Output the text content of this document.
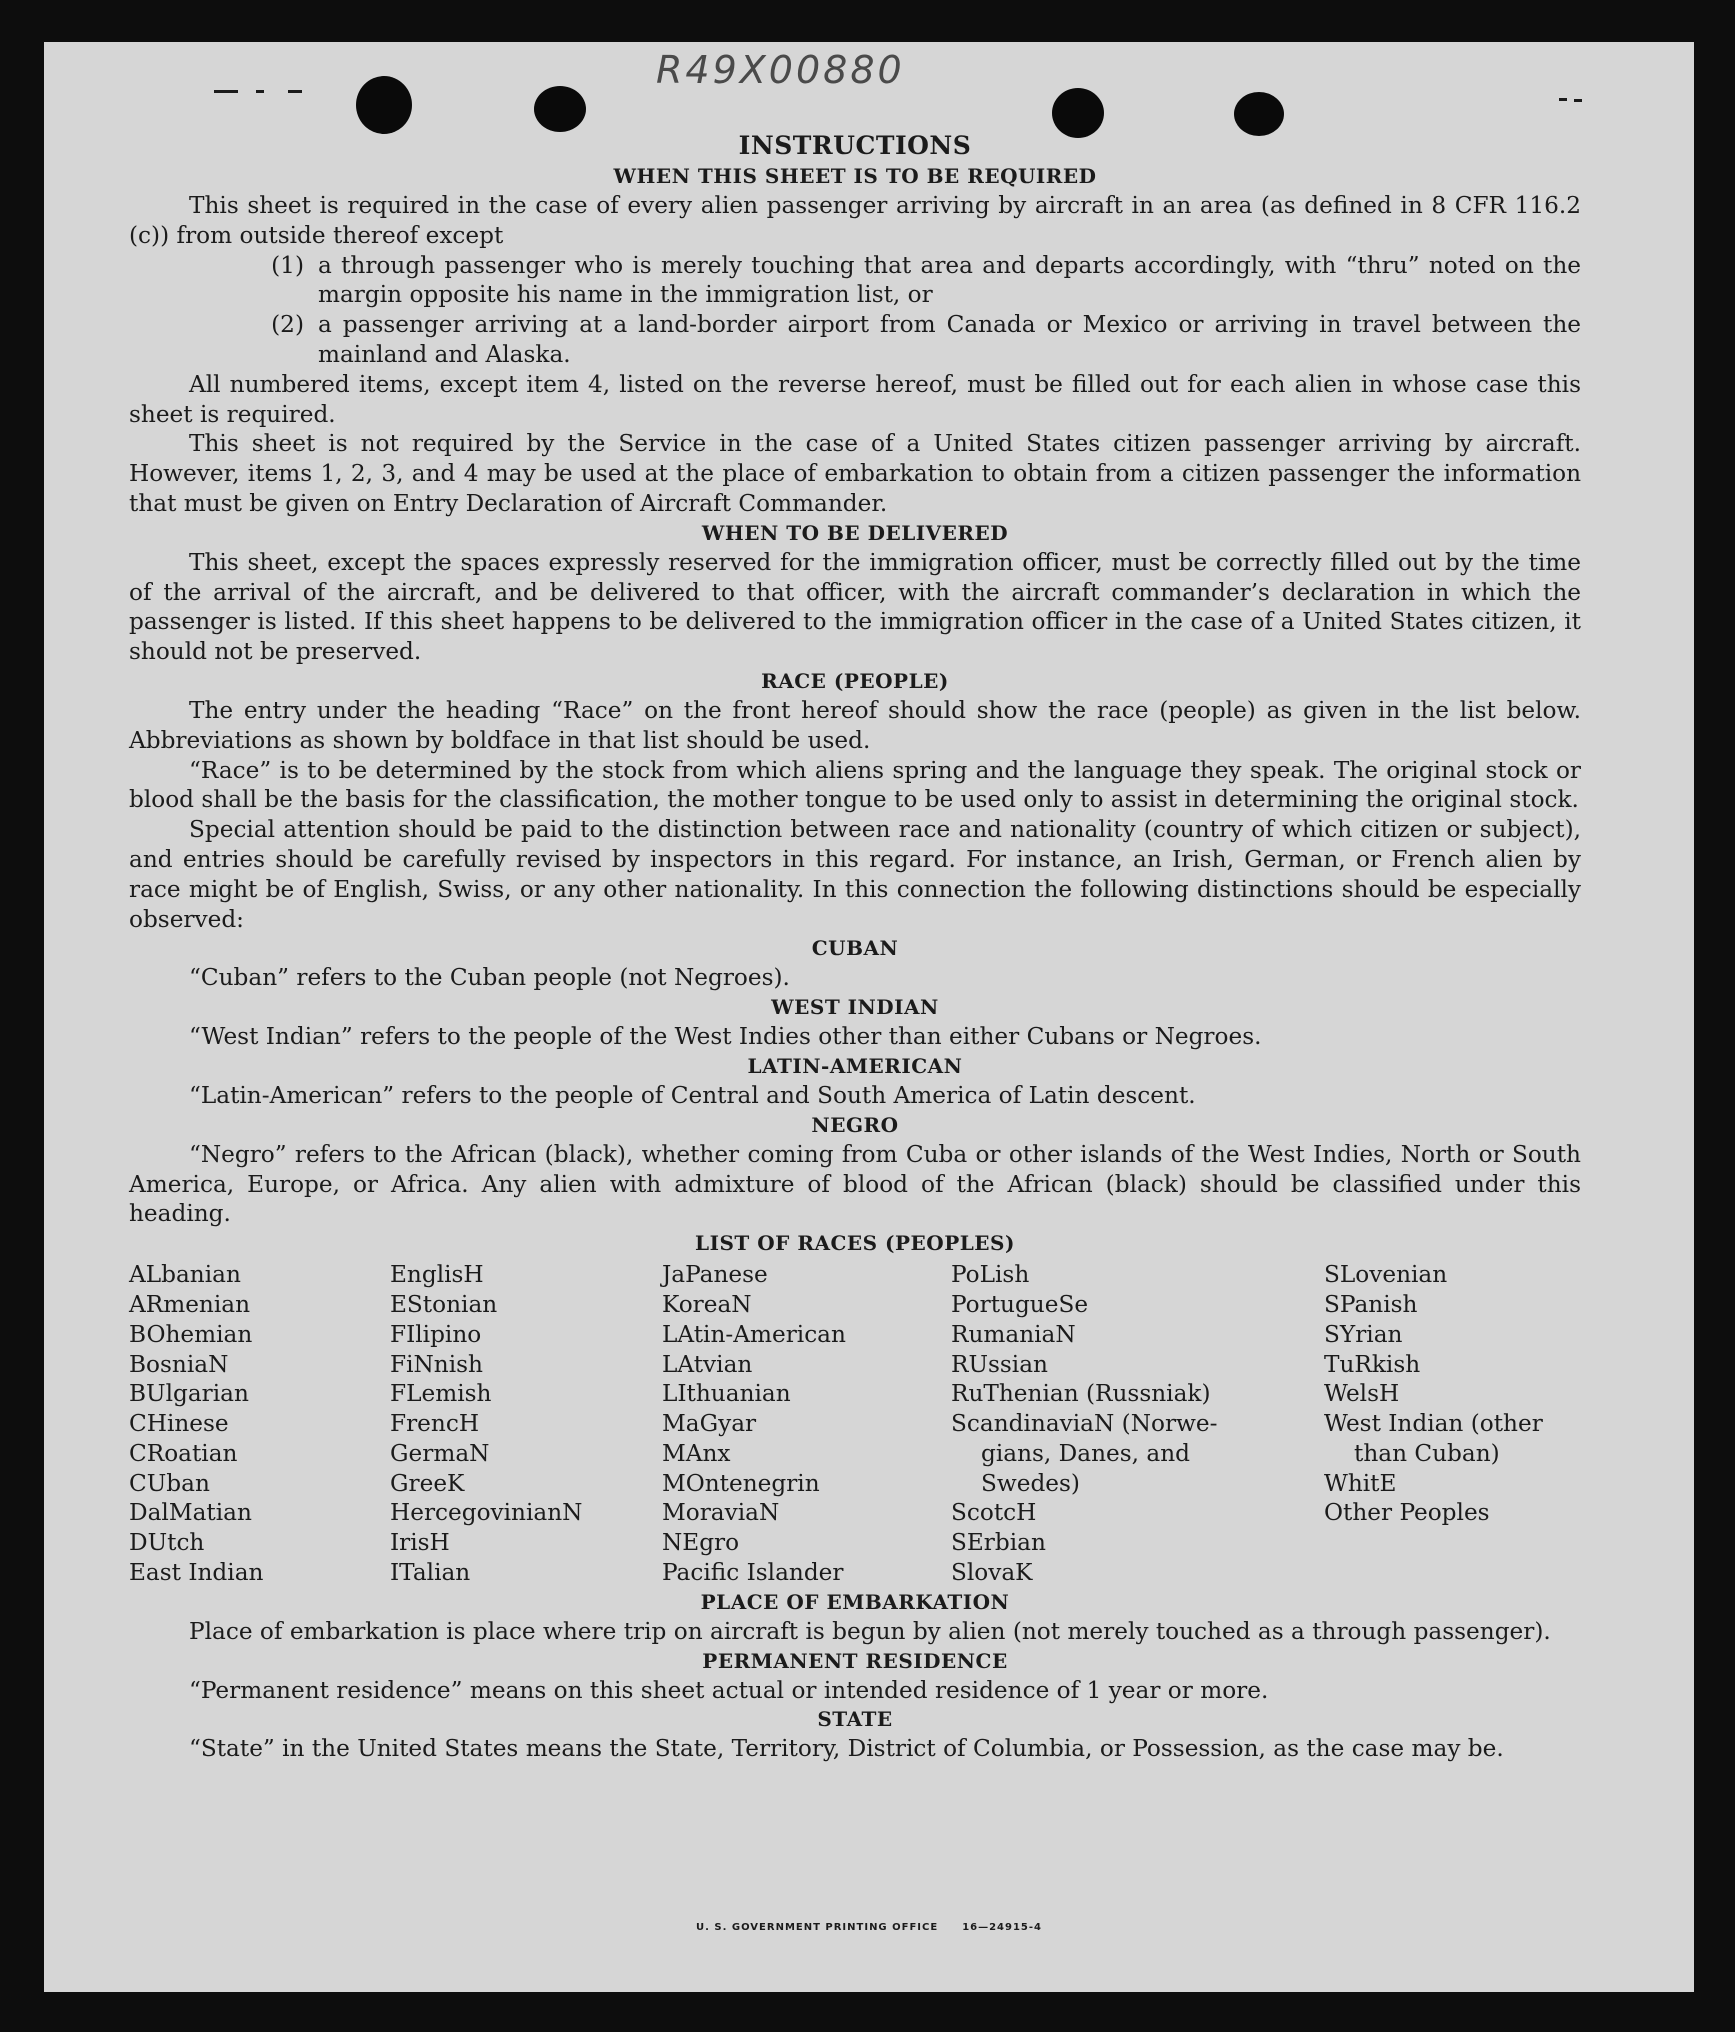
R49X00880
INSTRUCTIONS
WHEN THIS SHEET IS TO BE REQUIRED

This sheet is required in the case of every alien passenger arriving by aircraft in an area (as defined in 8 CFR 116.2 (c)) from outside thereof except

(1) a through passenger who is merely touching that area and departs accordingly, with “thru” noted on the margin opposite his name in the immigration list, or
(2) a passenger arriving at a land-border airport from Canada or Mexico or arriving in travel between the mainland and Alaska.

All numbered items, except item 4, listed on the reverse hereof, must be filled out for each alien in whose case this sheet is required.

This sheet is not required by the Service in the case of a United States citizen passenger arriving by aircraft. However, items 1, 2, 3, and 4 may be used at the place of embarkation to obtain from a citizen passenger the information that must be given on Entry Declaration of Aircraft Commander.

WHEN TO BE DELIVERED

This sheet, except the spaces expressly reserved for the immigration officer, must be correctly filled out by the time of the arrival of the aircraft, and be delivered to that officer, with the aircraft commander’s declaration in which the passenger is listed. If this sheet happens to be delivered to the immigration officer in the case of a United States citizen, it should not be preserved.

RACE (PEOPLE)

The entry under the heading “Race” on the front hereof should show the race (people) as given in the list below. Abbreviations as shown by boldface in that list should be used.

“Race” is to be determined by the stock from which aliens spring and the language they speak. The original stock or blood shall be the basis for the classification, the mother tongue to be used only to assist in determining the original stock.

Special attention should be paid to the distinction between race and nationality (country of which citizen or subject), and entries should be carefully revised by inspectors in this regard. For instance, an Irish, German, or French alien by race might be of English, Swiss, or any other nationality. In this connection the following distinctions should be especially observed:

CUBAN

“Cuban” refers to the Cuban people (not Negroes).

WEST INDIAN

“West Indian” refers to the people of the West Indies other than either Cubans or Negroes.

LATIN-AMERICAN

“Latin-American” refers to the people of Central and South America of Latin descent.

NEGRO

“Negro” refers to the African (black), whether coming from Cuba or other islands of the West Indies, North or South America, Europe, or Africa. Any alien with admixture of blood of the African (black) should be classified under this heading.

LIST OF RACES (PEOPLES)
ALbanian
ARmenian
BOhemian
BosniaN
BUlgarian
CHinese
CRoatian
CUban
DalMatian
DUtch
East Indian
EnglisH
EStonian
FIlipino
FiNnish
FLemish
FrencH
GermaN
GreeK
HercegovinianN
IrisH
ITalian
JaPanese
KoreaN
LAtin-American
LAtvian
LIthuanian
MaGyar
MAnx
MOntenegrin
MoraviaN
NEgro
Pacific Islander
PoLish
PortugueSe
RumaniaN
RUssian
RuThenian (Russniak)
ScandinaviaN (Norwe-
gians, Danes, and
Swedes)
ScotcH
SErbian
SlovaK
SLovenian
SPanish
SYrian
TuRkish
WelsH
West Indian (other
than Cuban)
WhitE
Other Peoples
PLACE OF EMBARKATION

Place of embarkation is place where trip on aircraft is begun by alien (not merely touched as a through passenger).

PERMANENT RESIDENCE

“Permanent residence” means on this sheet actual or intended residence of 1 year or more.

STATE

“State” in the United States means the State, Territory, District of Columbia, or Possession, as the case may be.

U. S. GOVERNMENT PRINTING OFFICE 16—24915-4
